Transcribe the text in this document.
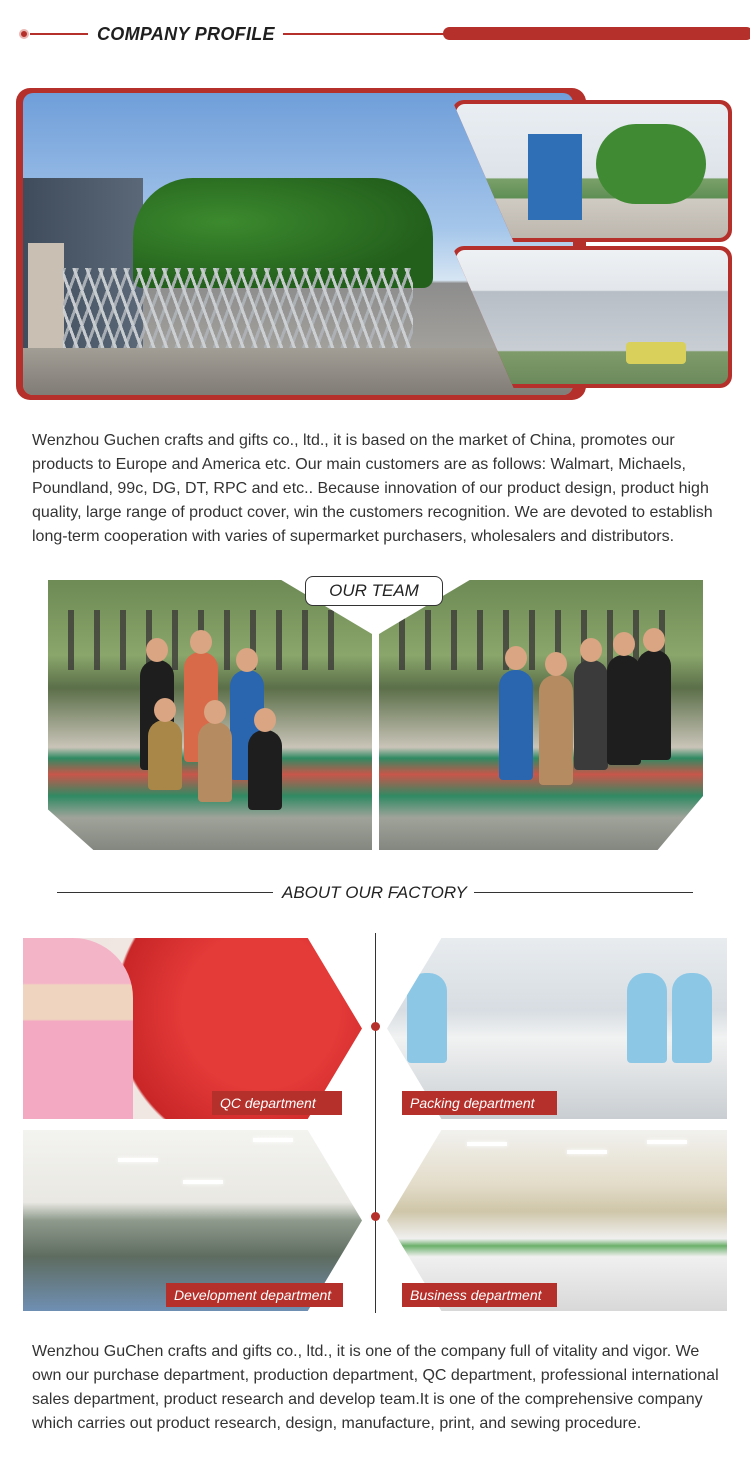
COMPANY PROFILE

Wenzhou Guchen crafts and gifts co., ltd., it is based on the market of China, promotes our products to Europe and America etc. Our main customers are as follows: Walmart, Michaels, Poundland, 99c, DG, DT, RPC and etc.. Because innovation of our product design, product high quality, large range of product cover, win the customers recognition. We are devoted to establish long-term cooperation with varies of supermarket purchasers, wholesalers and distributors.

OUR TEAM
ABOUT OUR FACTORY
QC department	Packing department
Development department	Business department

Wenzhou GuChen crafts and gifts co., ltd., it is one of the company full of vitality and vigor. We own our purchase department, production department, QC department, professional international sales department, product research and develop team.It is one of the comprehensive company which carries out product research, design, manufacture, print, and sewing procedure.
